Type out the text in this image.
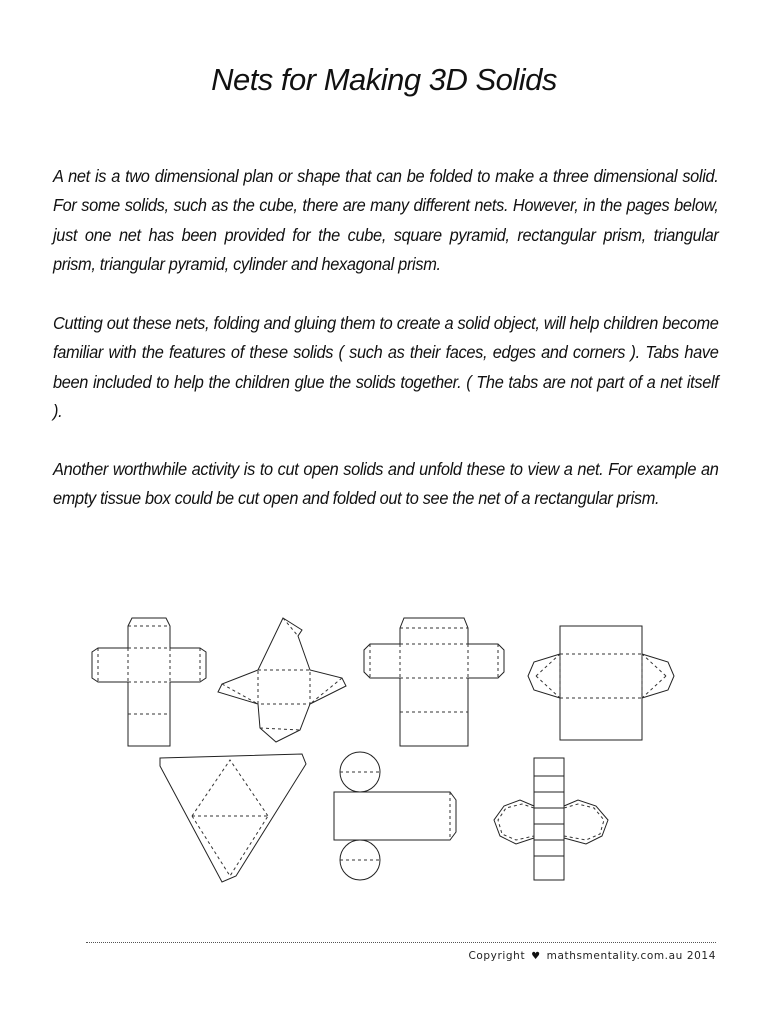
Nets for Making 3D Solids

A net is a two dimensional plan or shape that can be folded to make a three dimensional solid. For some solids, such as the cube, there are many different nets. However, in the pages below, just one net has been provided for the cube, square pyramid, rectangular prism, triangular prism, triangular pyramid, cylinder and hexagonal prism.

Cutting out these nets, folding and gluing them to create a solid object, will help children become familiar with the features of these solids ( such as their faces, edges and corners ). Tabs have been included to help the children glue the solids together. ( The tabs are not part of a net itself ).

Another worthwhile activity is to cut open solids and unfold these to view a net. For example an empty tissue box could be cut open and folded out to see the net of a rectangular prism.

Copyright ♥ mathsmentality.com.au 2014
